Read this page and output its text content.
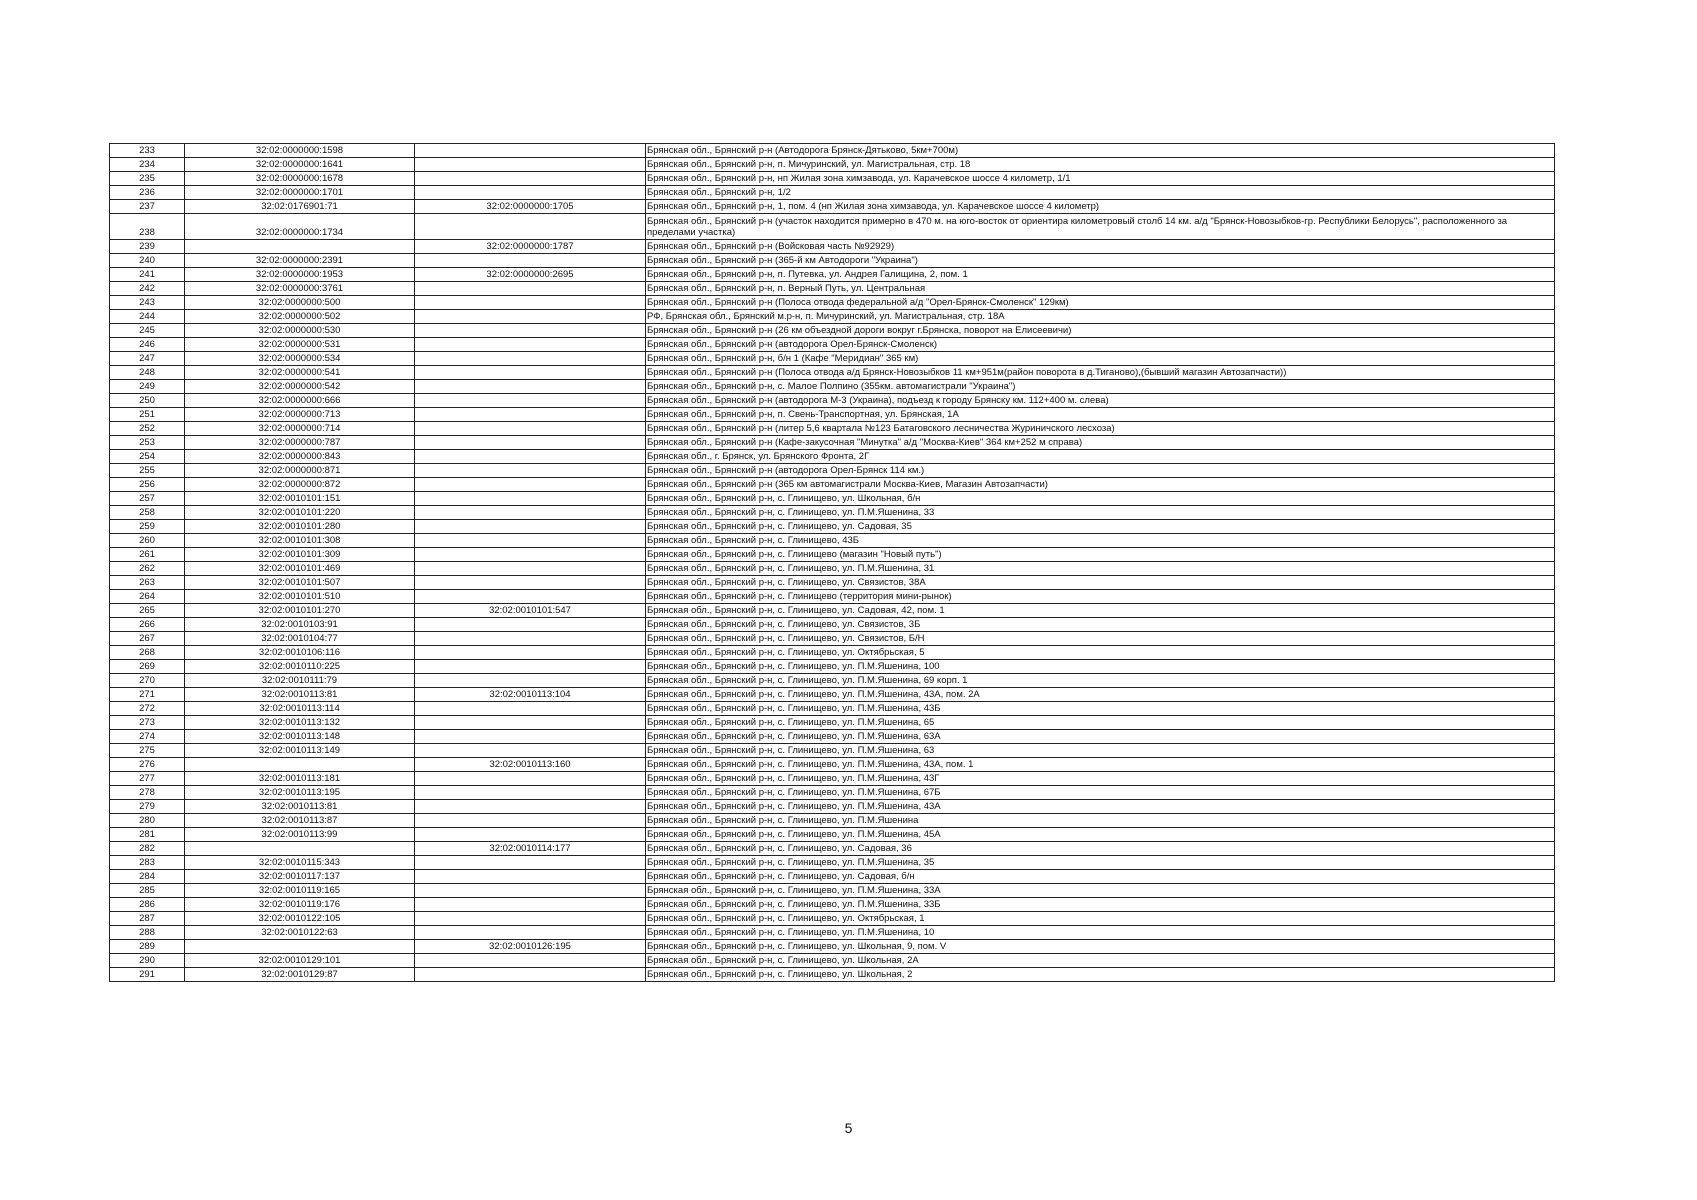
233	32:02:0000000:1598		Брянская обл., Брянский р-н (Автодорога Брянск-Дятьково, 5км+700м)
234	32:02:0000000:1641		Брянская обл., Брянский р-н, п. Мичуринский, ул. Магистральная, стр. 18
235	32:02:0000000:1678		Брянская обл., Брянский р-н, нп Жилая зона химзавода, ул. Карачевское шоссе 4 километр, 1/1
236	32:02:0000000:1701		Брянская обл., Брянский р-н, 1/2
237	32:02:0176901:71	32:02:0000000:1705	Брянская обл., Брянский р-н, 1, пом. 4 (нп Жилая зона химзавода, ул. Карачевское шоссе 4 километр)
238	32:02:0000000:1734		Брянская обл., Брянский р-н (участок находится примерно в 470 м. на юго-восток от ориентира километровый столб 14 км. а/д "Брянск-Новозыбков-гр. Республики Белорусь", расположенного за пределами участка)
239		32:02:0000000:1787	Брянская обл., Брянский р-н (Войсковая часть №92929)
240	32:02:0000000:2391		Брянская обл., Брянский р-н (365-й км Автодороги "Украина")
241	32:02:0000000:1953	32:02:0000000:2695	Брянская обл., Брянский р-н, п. Путевка, ул. Андрея Галищина, 2, пом. 1
242	32:02:0000000:3761		Брянская обл., Брянский р-н, п. Верный Путь, ул. Центральная
243	32:02:0000000:500		Брянская обл., Брянский р-н (Полоса отвода федеральной а/д "Орел-Брянск-Смоленск" 129км)
244	32:02:0000000:502		РФ, Брянская обл., Брянский м.р-н, п. Мичуринский, ул. Магистральная, стр. 18А
245	32:02:0000000:530		Брянская обл., Брянский р-н (26 км объездной дороги вокруг г.Брянска, поворот на Елисеевичи)
246	32:02:0000000:531		Брянская обл., Брянский р-н (автодорога Орел-Брянск-Смоленск)
247	32:02:0000000:534		Брянская обл., Брянский р-н, б/н 1 (Кафе "Меридиан" 365 км)
248	32:02:0000000:541		Брянская обл., Брянский р-н (Полоса отвода а/д Брянск-Новозыбков 11 км+951м(район поворота в д.Тиганово),(бывший магазин Автозапчасти))
249	32:02:0000000:542		Брянская обл., Брянский р-н, с. Малое Полпино (355км. автомагистрали "Украина")
250	32:02:0000000:666		Брянская обл., Брянский р-н (автодорога М-3 (Украина), подъезд к городу Брянску км. 112+400 м. слева)
251	32:02:0000000:713		Брянская обл., Брянский р-н, п. Свень-Транспортная, ул. Брянская, 1А
252	32:02:0000000:714		Брянская обл., Брянский р-н (литер 5,6 квартала №123 Батаговского лесничества Журиничского лесхоза)
253	32:02:0000000:787		Брянская обл., Брянский р-н (Кафе-закусочная "Минутка" а/д "Москва-Киев" 364 км+252 м справа)
254	32:02:0000000:843		Брянская обл., г. Брянск, ул. Брянского Фронта, 2Г
255	32:02:0000000:871		Брянская обл., Брянский р-н (автодорога Орел-Брянск 114 км.)
256	32:02:0000000:872		Брянская обл., Брянский р-н (365 км автомагистрали Москва-Киев, Магазин Автозапчасти)
257	32:02:0010101:151		Брянская обл., Брянский р-н, с. Глинищево, ул. Школьная, б/н
258	32:02:0010101:220		Брянская обл., Брянский р-н, с. Глинищево, ул. П.М.Яшенина, 33
259	32:02:0010101:280		Брянская обл., Брянский р-н, с. Глинищево, ул. Садовая, 35
260	32:02:0010101:308		Брянская обл., Брянский р-н, с. Глинищево, 43Б
261	32:02:0010101:309		Брянская обл., Брянский р-н, с. Глинищево (магазин "Новый путь")
262	32:02:0010101:469		Брянская обл., Брянский р-н, с. Глинищево, ул. П.М.Яшенина, 31
263	32:02:0010101:507		Брянская обл., Брянский р-н, с. Глинищево, ул. Связистов, 38А
264	32:02:0010101:510		Брянская обл., Брянский р-н, с. Глинищево (территория мини-рынок)
265	32:02:0010101:270	32:02:0010101:547	Брянская обл., Брянский р-н, с. Глинищево, ул. Садовая, 42, пом. 1
266	32:02:0010103:91		Брянская обл., Брянский р-н, с. Глинищево, ул. Связистов, 3Б
267	32:02:0010104:77		Брянская обл., Брянский р-н, с. Глинищево, ул. Связистов, Б/Н
268	32:02:0010106:116		Брянская обл., Брянский р-н, с. Глинищево, ул. Октябрьская, 5
269	32:02:0010110:225		Брянская обл., Брянский р-н, с. Глинищево, ул. П.М.Яшенина, 100
270	32:02:0010111:79		Брянская обл., Брянский р-н, с. Глинищево, ул. П.М.Яшенина, 69 корп. 1
271	32:02:0010113:81	32:02:0010113:104	Брянская обл., Брянский р-н, с. Глинищево, ул. П.М.Яшенина, 43А, пом. 2А
272	32:02:0010113:114		Брянская обл., Брянский р-н, с. Глинищево, ул. П.М.Яшенина, 43Б
273	32:02:0010113:132		Брянская обл., Брянский р-н, с. Глинищево, ул. П.М.Яшенина, 65
274	32:02:0010113:148		Брянская обл., Брянский р-н, с. Глинищево, ул. П.М.Яшенина, 63А
275	32:02:0010113:149		Брянская обл., Брянский р-н, с. Глинищево, ул. П.М.Яшенина, 63
276		32:02:0010113:160	Брянская обл., Брянский р-н, с. Глинищево, ул. П.М.Яшенина, 43А, пом. 1
277	32:02:0010113:181		Брянская обл., Брянский р-н, с. Глинищево, ул. П.М.Яшенина, 43Г
278	32:02:0010113:195		Брянская обл., Брянский р-н, с. Глинищево, ул. П.М.Яшенина, 67Б
279	32:02:0010113:81		Брянская обл., Брянский р-н, с. Глинищево, ул. П.М.Яшенина, 43А
280	32:02:0010113:87		Брянская обл., Брянский р-н, с. Глинищево, ул. П.М.Яшенина
281	32:02:0010113:99		Брянская обл., Брянский р-н, с. Глинищево, ул. П.М.Яшенина, 45А
282		32:02:0010114:177	Брянская обл., Брянский р-н, с. Глинищево, ул. Садовая, 36
283	32:02:0010115:343		Брянская обл., Брянский р-н, с. Глинищево, ул. П.М.Яшенина, 35
284	32:02:0010117:137		Брянская обл., Брянский р-н, с. Глинищево, ул. Садовая, б/н
285	32:02:0010119:165		Брянская обл., Брянский р-н, с. Глинищево, ул. П.М.Яшенина, 33А
286	32:02:0010119:176		Брянская обл., Брянский р-н, с. Глинищево, ул. П.М.Яшенина, 33Б
287	32:02:0010122:105		Брянская обл., Брянский р-н, с. Глинищево, ул. Октябрьская, 1
288	32:02:0010122:63		Брянская обл., Брянский р-н, с. Глинищево, ул. П.М.Яшенина, 10
289		32:02:0010126:195	Брянская обл., Брянский р-н, с. Глинищево, ул. Школьная, 9, пом. V
290	32:02:0010129:101		Брянская обл., Брянский р-н, с. Глинищево, ул. Школьная, 2А
291	32:02:0010129:87		Брянская обл., Брянский р-н, с. Глинищево, ул. Школьная, 2
5
